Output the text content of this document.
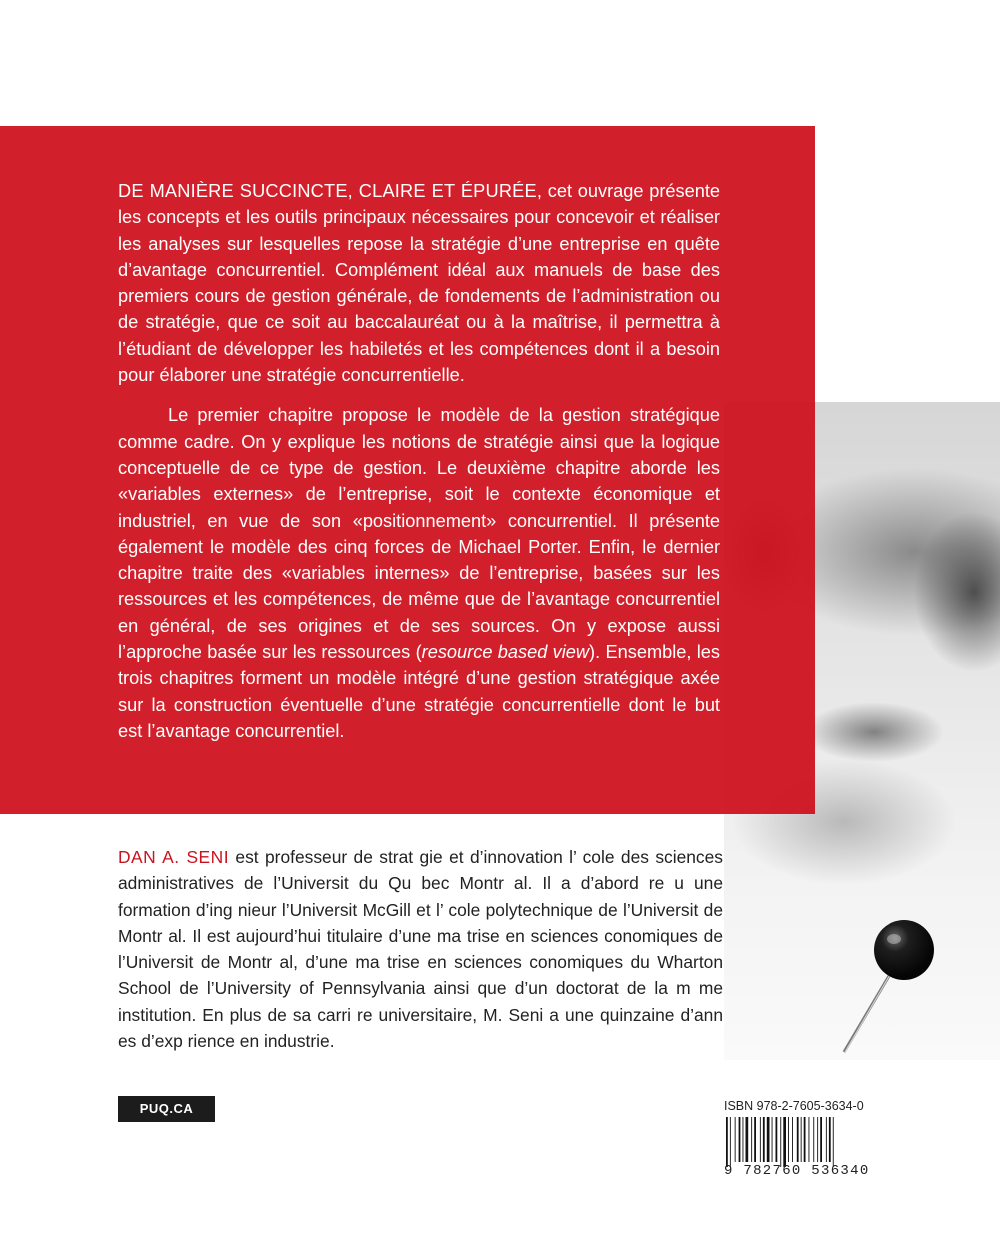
DE MANIÈRE SUCCINCTE, CLAIRE ET ÉPURÉE, cet ouvrage présente les concepts et les outils principaux nécessaires pour concevoir et réaliser les analyses sur lesquelles repose la stratégie d’une entreprise en quête d’avantage concurrentiel. Complément idéal aux manuels de base des premiers cours de gestion générale, de fondements de l’administration ou de stratégie, que ce soit au baccalauréat ou à la maîtrise, il permettra à l’étudiant de développer les habiletés et les compétences dont il a besoin pour élaborer une stratégie concurrentielle.

Le premier chapitre propose le modèle de la gestion stratégique comme cadre. On y explique les notions de stratégie ainsi que la logique conceptuelle de ce type de gestion. Le deuxième chapitre aborde les «variables externes» de l’entreprise, soit le contexte économique et industriel, en vue de son «positionnement» concurrentiel. Il présente également le modèle des cinq forces de Michael Porter. Enfin, le dernier chapitre traite des «variables internes» de l’entreprise, basées sur les ressources et les compétences, de même que de l’avantage concurrentiel en général, de ses origines et de ses sources. On y expose aussi l’approche basée sur les ressources (resource based view). Ensemble, les trois chapitres forment un modèle intégré d’une gestion stratégique axée sur la construction éventuelle d’une stratégie concurrentielle dont le but est l’avantage concurrentiel.

DAN A. SENI est professeur de strat gie et d’innovation l’ cole des sciences administratives de l’Universit du Qu bec Montr al. Il a d’abord re u une formation d’ing nieur l’Universit McGill et l’ cole polytechnique de l’Universit de Montr al. Il est aujourd’hui titulaire d’une ma trise en sciences conomiques de l’Universit de Montr al, d’une ma trise en sciences conomiques du Wharton School de l’University of Pennsylvania ainsi que d’un doctorat de la m me institution. En plus de sa carri re universitaire, M. Seni a une quinzaine d’ann es d’exp rience en industrie.

PUQ.CA	ISBN 978-2-7605-3634-0
9 782760 536340
